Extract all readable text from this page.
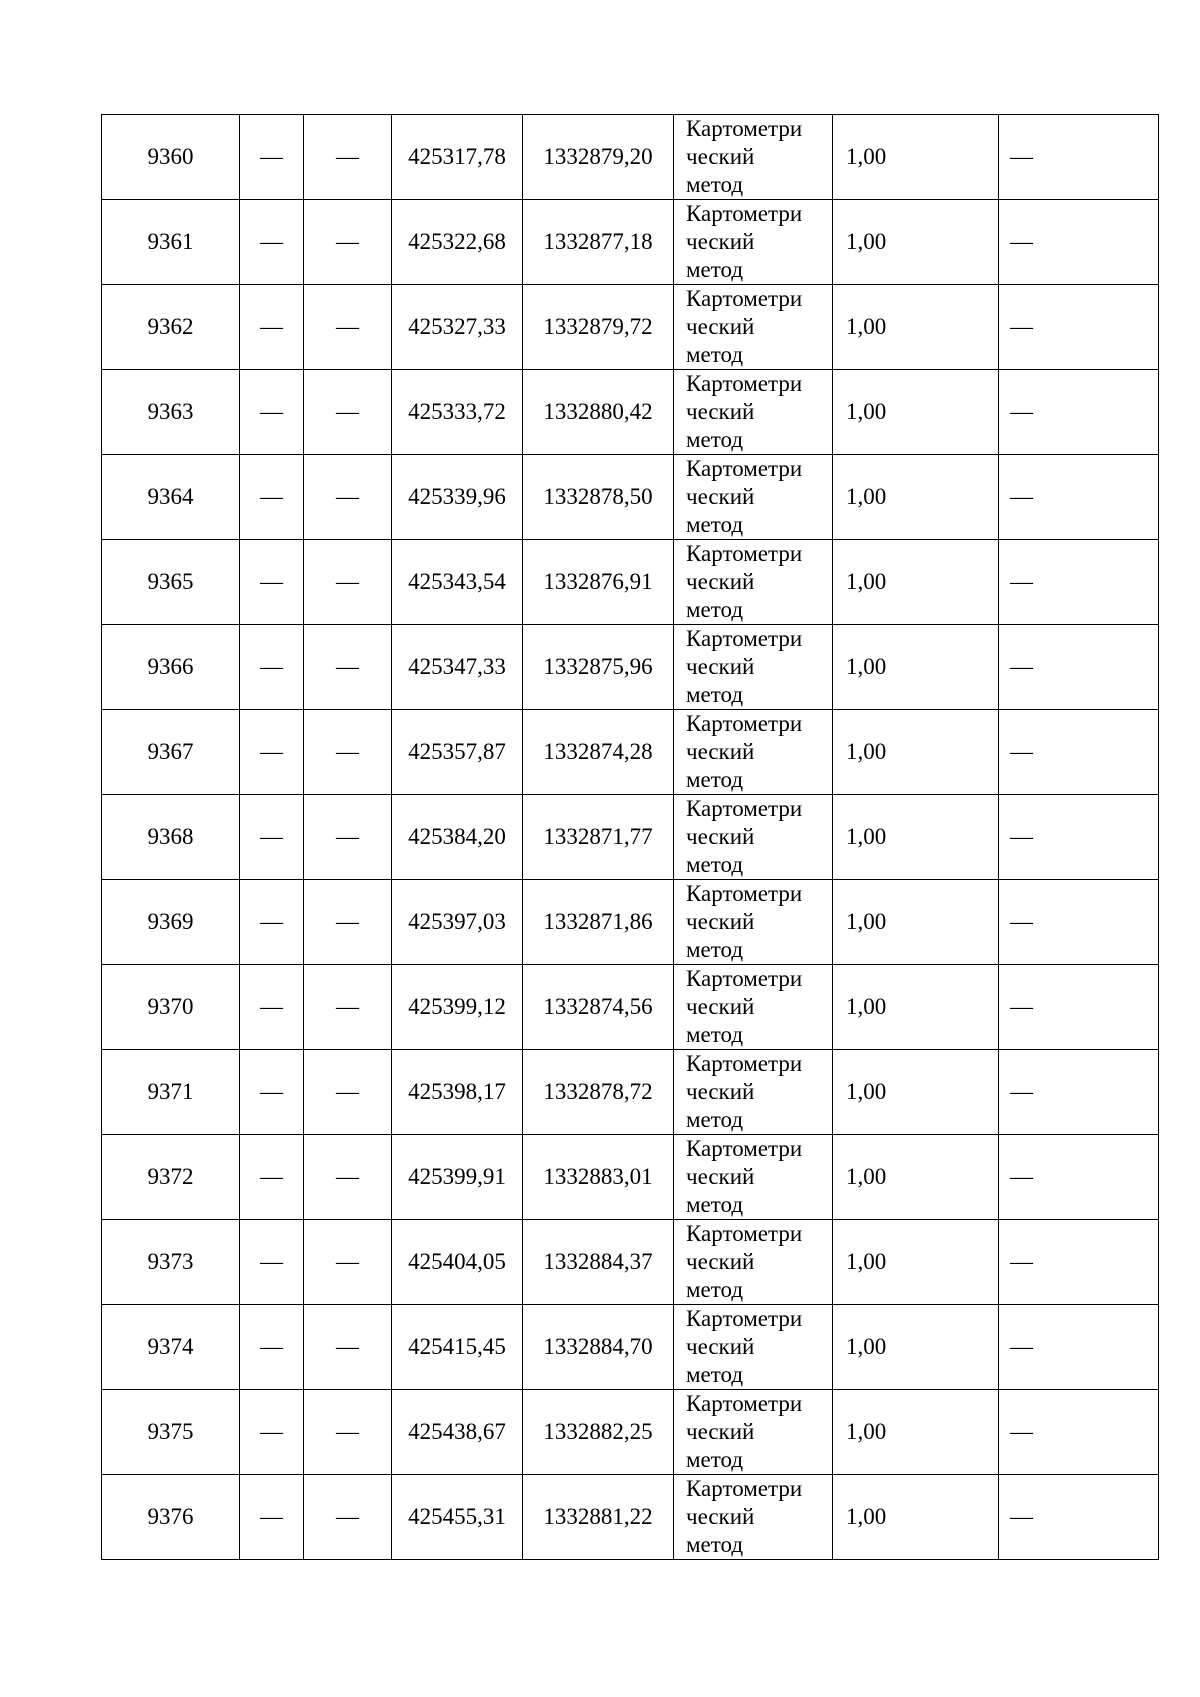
9360	—	—	425317,78	1332879,20	Картометри
ческий
метод	1,00	—
9361	—	—	425322,68	1332877,18	Картометри
ческий
метод	1,00	—
9362	—	—	425327,33	1332879,72	Картометри
ческий
метод	1,00	—
9363	—	—	425333,72	1332880,42	Картометри
ческий
метод	1,00	—
9364	—	—	425339,96	1332878,50	Картометри
ческий
метод	1,00	—
9365	—	—	425343,54	1332876,91	Картометри
ческий
метод	1,00	—
9366	—	—	425347,33	1332875,96	Картометри
ческий
метод	1,00	—
9367	—	—	425357,87	1332874,28	Картометри
ческий
метод	1,00	—
9368	—	—	425384,20	1332871,77	Картометри
ческий
метод	1,00	—
9369	—	—	425397,03	1332871,86	Картометри
ческий
метод	1,00	—
9370	—	—	425399,12	1332874,56	Картометри
ческий
метод	1,00	—
9371	—	—	425398,17	1332878,72	Картометри
ческий
метод	1,00	—
9372	—	—	425399,91	1332883,01	Картометри
ческий
метод	1,00	—
9373	—	—	425404,05	1332884,37	Картометри
ческий
метод	1,00	—
9374	—	—	425415,45	1332884,70	Картометри
ческий
метод	1,00	—
9375	—	—	425438,67	1332882,25	Картометри
ческий
метод	1,00	—
9376	—	—	425455,31	1332881,22	Картометри
ческий
метод	1,00	—
